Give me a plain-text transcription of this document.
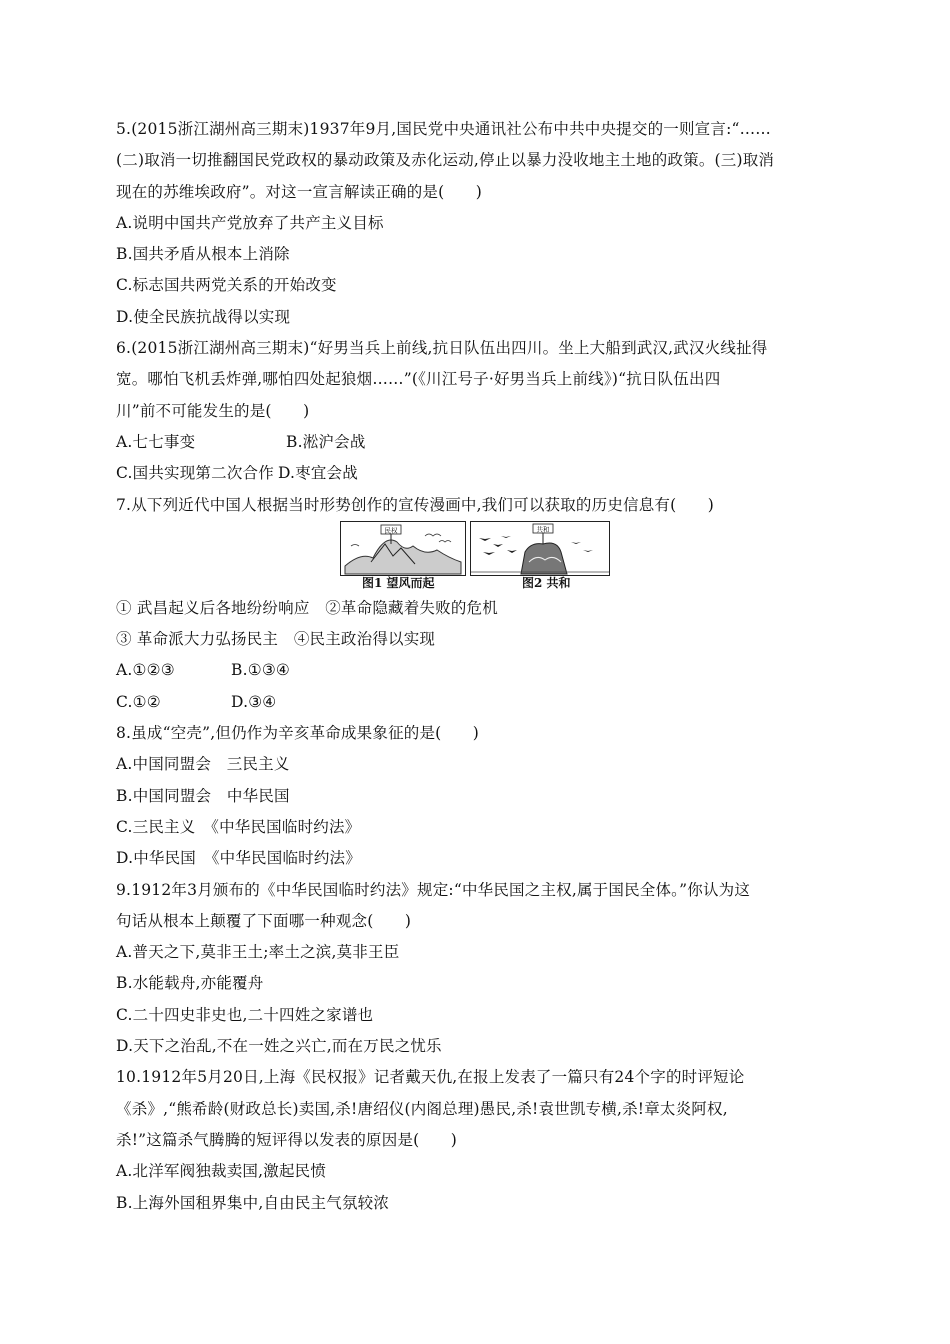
5.(2015浙江湖州高三期末)1937年9月,国民党中央通讯社公布中共中央提交的一则宣言:“……
(二)取消一切推翻国民党政权的暴动政策及赤化运动,停止以暴力没收地主土地的政策。(三)取消
现在的苏维埃政府”。对这一宣言解读正确的是(　　)
A.说明中国共产党放弃了共产主义目标
B.国共矛盾从根本上消除
C.标志国共两党关系的开始改变
D.使全民族抗战得以实现
6.(2015浙江湖州高三期末)“好男当兵上前线,抗日队伍出四川。坐上大船到武汉,武汉火线扯得
宽。哪怕飞机丢炸弹,哪怕四处起狼烟……”(《川江号子·好男当兵上前线》)“抗日队伍出四
川”前不可能发生的是(　　)
A.七七事变	B.淞沪会战
C.国共实现第二次合作 D.枣宜会战
7.从下列近代中国人根据当时形势创作的宣传漫画中,我们可以获取的历史信息有(　　)
民权	共和
图1 望风而起	图2 共和
① 武昌起义后各地纷纷响应　②革命隐藏着失败的危机
③ 革命派大力弘扬民主　④民主政治得以实现
A.①②③	B.①③④
C.①②	D.③④
8.虽成“空壳”,但仍作为辛亥革命成果象征的是(　　)
A.中国同盟会　三民主义
B.中国同盟会　中华民国
C.三民主义　《中华民国临时约法》
D.中华民国　《中华民国临时约法》
9.1912年3月颁布的《中华民国临时约法》规定:“中华民国之主权,属于国民全体。”你认为这
句话从根本上颠覆了下面哪一种观念(　　)
A.普天之下,莫非王土;率土之滨,莫非王臣
B.水能载舟,亦能覆舟
C.二十四史非史也,二十四姓之家谱也
D.天下之治乱,不在一姓之兴亡,而在万民之忧乐
10.1912年5月20日,上海《民权报》记者戴天仇,在报上发表了一篇只有24个字的时评短论
《杀》,“熊希龄(财政总长)卖国,杀!唐绍仪(内阁总理)愚民,杀!袁世凯专横,杀!章太炎阿权,
杀!”这篇杀气腾腾的短评得以发表的原因是(　　)
A.北洋军阀独裁卖国,激起民愤
B.上海外国租界集中,自由民主气氛较浓
